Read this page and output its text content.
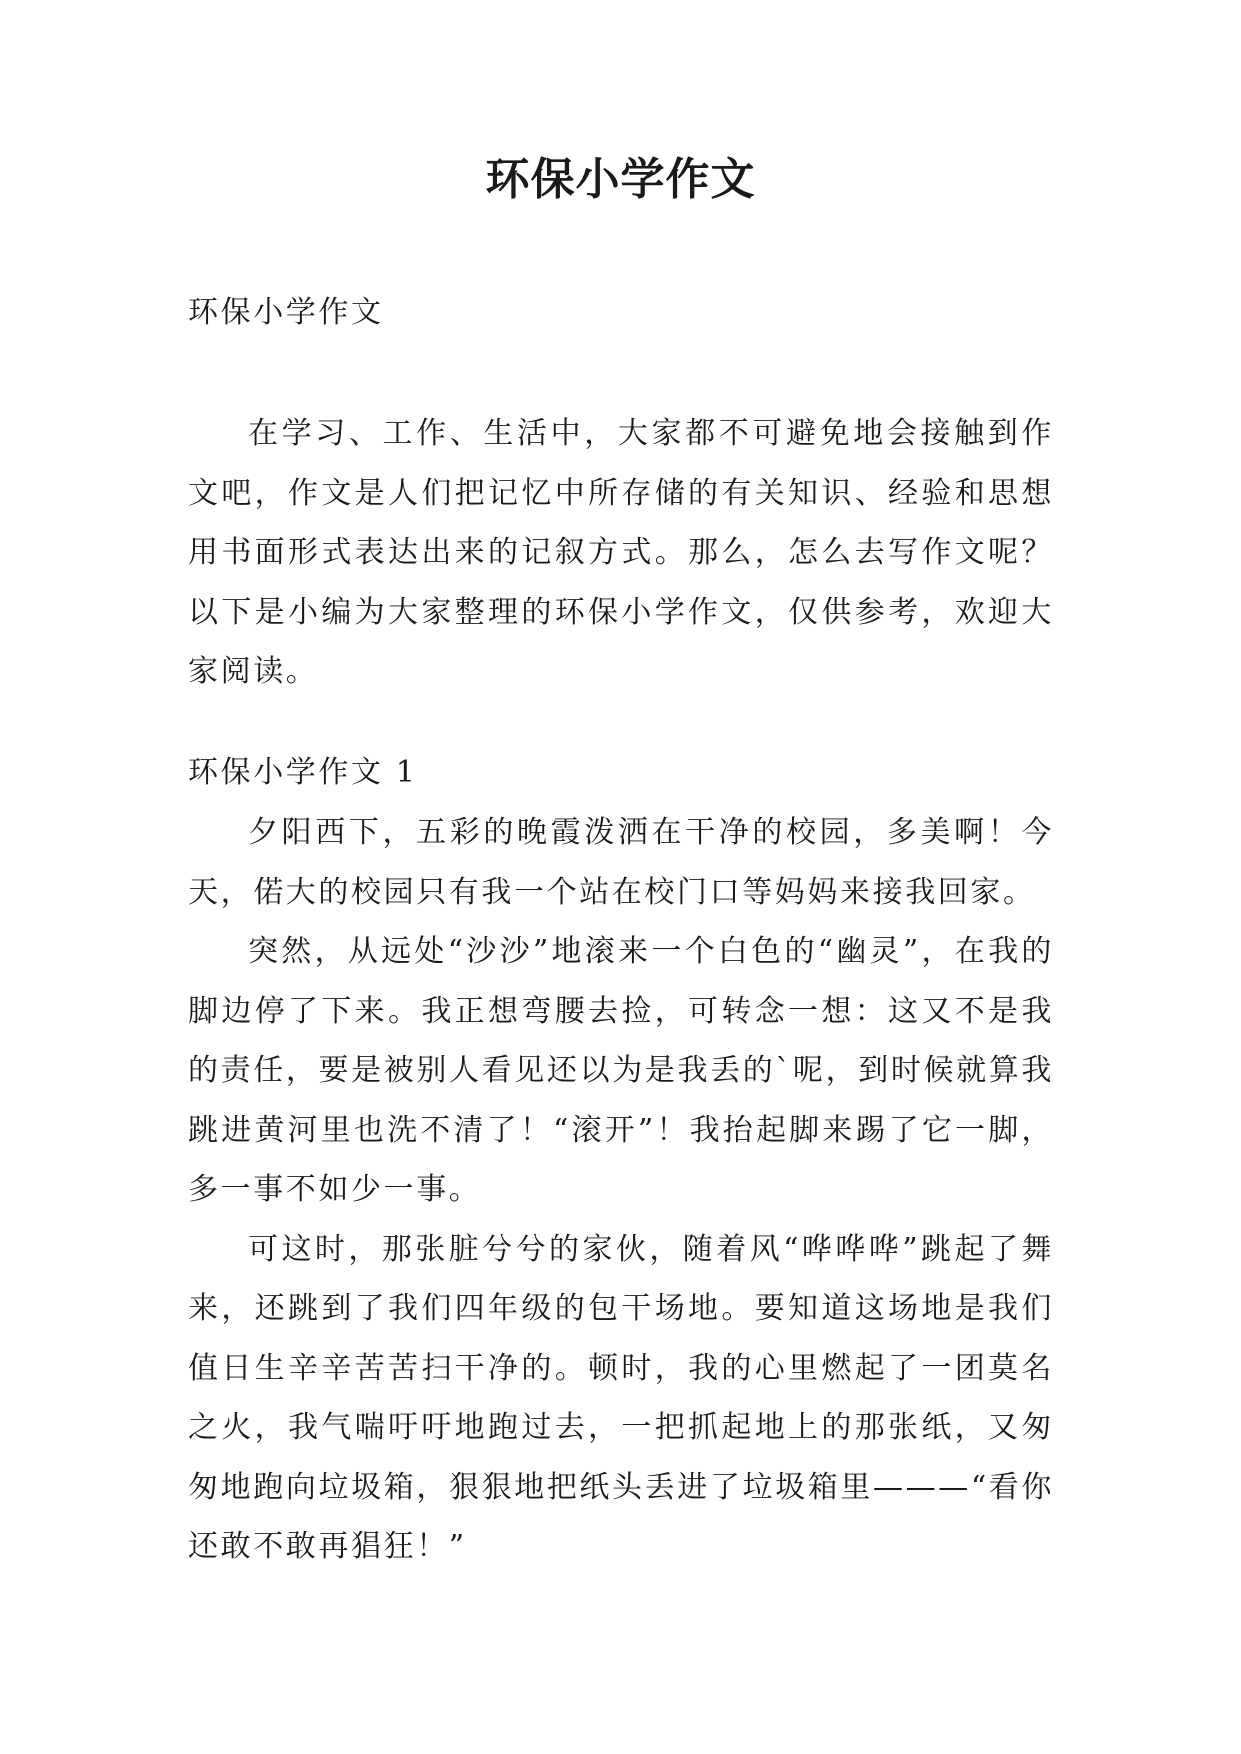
环保小学作文
环保小学作文

在学习、工作、生活中，大家都不可避免地会接触到作文吧，作文是人们把记忆中所存储的有关知识、经验和思想用书面形式表达出来的记叙方式。那么，怎么去写作文呢？以下是小编为大家整理的环保小学作文，仅供参考，欢迎大家阅读。

环保小学作文 1

夕阳西下，五彩的晚霞泼洒在干净的校园，多美啊！今天，偌大的校园只有我一个站在校门口等妈妈来接我回家。

突然，从远处“沙沙”地滚来一个白色的“幽灵”，在我的脚边停了下来。我正想弯腰去捡，可转念一想：这又不是我的责任，要是被别人看见还以为是我丢的`呢，到时候就算我跳进黄河里也洗不清了！“滚开”！我抬起脚来踢了它一脚，多一事不如少一事。

可这时，那张脏兮兮的家伙，随着风“哗哗哗”跳起了舞来，还跳到了我们四年级的包干场地。要知道这场地是我们值日生辛辛苦苦扫干净的。顿时，我的心里燃起了一团莫名之火，我气喘吁吁地跑过去，一把抓起地上的那张纸，又匆匆地跑向垃圾箱，狠狠地把纸头丢进了垃圾箱里———“看你还敢不敢再猖狂！”
